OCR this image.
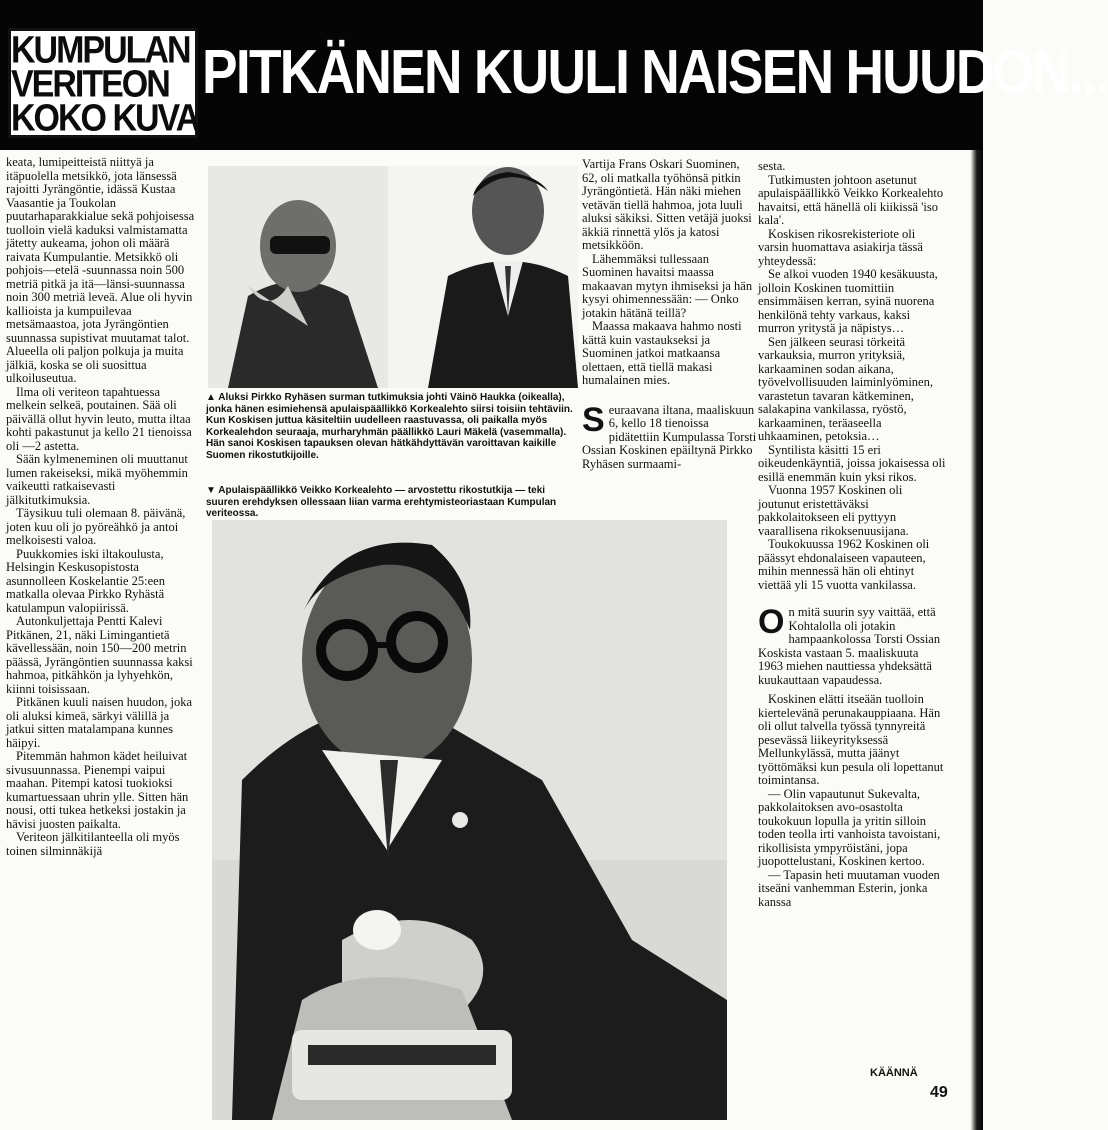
KUMPULAN
VERITEON
KOKO KUVA
PITKÄNEN KUULI NAISEN HUUDON...

keata, lumipeitteistä niittyä ja itäpuolella metsikkö, jota länsessä rajoitti Jyrängöntie, idässä Kustaa Vaasantie ja Toukolan puutarhaparakkialue sekä pohjoisessa tuolloin vielä kaduksi valmistamatta jätetty aukeama, johon oli määrä raivata Kumpulantie. Metsikkö oli pohjois—etelä -suunnassa noin 500 metriä pitkä ja itä—länsi-suunnassa noin 300 metriä leveä. Alue oli hyvin kallioista ja kumpuilevaa metsämaastoa, jota Jyrängöntien suunnassa supistivat muutamat talot. Alueella oli paljon polkuja ja muita jälkiä, koska se oli suosittua ulkoiluseutua.

Ilma oli veriteon tapahtuessa melkein selkeä, poutainen. Sää oli päivällä ollut hyvin leuto, mutta iltaa kohti pakastunut ja kello 21 tienoissa oli —2 astetta.

Sään kylmeneminen oli muuttanut lumen rakeiseksi, mikä myöhemmin vaikeutti ratkaisevasti jälkitutkimuksia.

Täysikuu tuli olemaan 8. päivänä, joten kuu oli jo pyöreähkö ja antoi melkoisesti valoa.

Puukkomies iski iltakoulusta, Helsingin Keskusopistosta asunnolleen Koskelantie 25:een matkalla olevaa Pirkko Ryhästä katulampun valopiirissä.

Autonkuljettaja Pentti Kalevi Pitkänen, 21, näki Limingantietä kävellessään, noin 150—200 metrin päässä, Jyrängöntien suunnassa kaksi hahmoa, pitkähkön ja lyhyehkön, kiinni toisissaan.

Pitkänen kuuli naisen huudon, joka oli aluksi kimeä, särkyi välillä ja jatkui sitten matalampana kunnes häipyi.

Pitemmän hahmon kädet heiluivat sivusuunnassa. Pienempi vaipui maahan. Pitempi katosi tuokioksi kumartuessaan uhrin ylle. Sitten hän nousi, otti tukea hetkeksi jostakin ja hävisi juosten paikalta.

Veriteon jälkitilanteella oli myös toinen silminnäkijä

▲ Aluksi Pirkko Ryhäsen surman tutkimuksia johti Väinö Haukka (oikealla), jonka hänen esimiehensä apulaispäällikkö Korkealehto siirsi toisiin tehtäviin. Kun Koskisen juttua käsiteltiin uudelleen raastuvassa, oli paikalla myös Korkealehdon seuraaja, murharyhmän päällikkö Lauri Mäkelä (vasemmalla). Hän sanoi Koskisen tapauksen olevan hätkähdyttävän varoittavan kaikille Suomen rikostutkijoille.
▼ Apulaispäällikkö Veikko Korkealehto — arvostettu rikostutkija — teki suuren erehdyksen ollessaan liian varma erehtymisteoriastaan Kumpulan veriteossa.

Vartija Frans Oskari Suominen, 62, oli matkalla työhönsä pitkin Jyrängöntietä. Hän näki miehen vetävän tiellä hahmoa, jota luuli aluksi säkiksi. Sitten vetäjä juoksi äkkiä rinnettä ylös ja katosi metsikköön.

Lähemmäksi tullessaan Suominen havaitsi maassa makaavan mytyn ihmiseksi ja hän kysyi ohimennessään: — Onko jotakin hätänä teillä?

Maassa makaava hahmo nosti kättä kuin vastaukseksi ja Suominen jatkoi matkaansa olettaen, että tiellä makasi humalainen mies.

S euraavana iltana, maaliskuun 6, kello 18 tienoissa pidätettiin Kumpulassa Torsti Ossian Koskinen epäiltynä Pirkko Ryhäsen surmaami-

sesta.

Tutkimusten johtoon asetunut apulaispäällikkö Veikko Korkealehto havaitsi, että hänellä oli kiikissä 'iso kala'.

Koskisen rikosrekisteriote oli varsin huomattava asiakirja tässä yhteydessä:

Se alkoi vuoden 1940 kesäkuusta, jolloin Koskinen tuomittiin ensimmäisen kerran, syinä nuorena henkilönä tehty varkaus, kaksi murron yritystä ja näpistys…

Sen jälkeen seurasi törkeitä varkauksia, murron yrityksiä, karkaaminen sodan aikana, työvelvollisuuden laiminlyöminen, varastetun tavaran kätkeminen, salakapina vankilassa, ryöstö, karkaaminen, teräaseella uhkaaminen, petoksia…

Syntilista käsitti 15 eri oikeudenkäyntiä, joissa jokaisessa oli esillä enemmän kuin yksi rikos.

Vuonna 1957 Koskinen oli joutunut eristettäväksi pakkolaitokseen eli pyttyyn vaarallisena rikoksenuusijana.

Toukokuussa 1962 Koskinen oli päässyt ehdonalaiseen vapauteen, mihin mennessä hän oli ehtinyt viettää yli 15 vuotta vankilassa.

O n mitä suurin syy vaittää, että Kohtalolla oli jotakin hampaankolossa Torsti Ossian Koskista vastaan 5. maaliskuuta 1963 miehen nauttiessa yhdeksättä kuukauttaan vapaudessa.

Koskinen elätti itseään tuolloin kiertelevänä perunakauppiaana. Hän oli ollut talvella työssä tynnyreitä pesevässä liikeyrityksessä Mellunkylässä, mutta jäänyt työttömäksi kun pesula oli lopettanut toimintansa.

— Olin vapautunut Sukevalta, pakkolaitoksen avo-osastolta toukokuun lopulla ja yritin silloin toden teolla irti vanhoista tavoistani, rikollisista ympyröistäni, jopa juopottelustani, Koskinen kertoo.

— Tapasin heti muutaman vuoden itseäni vanhemman Esterin, jonka kanssa

KÄÄNNÄ
49
